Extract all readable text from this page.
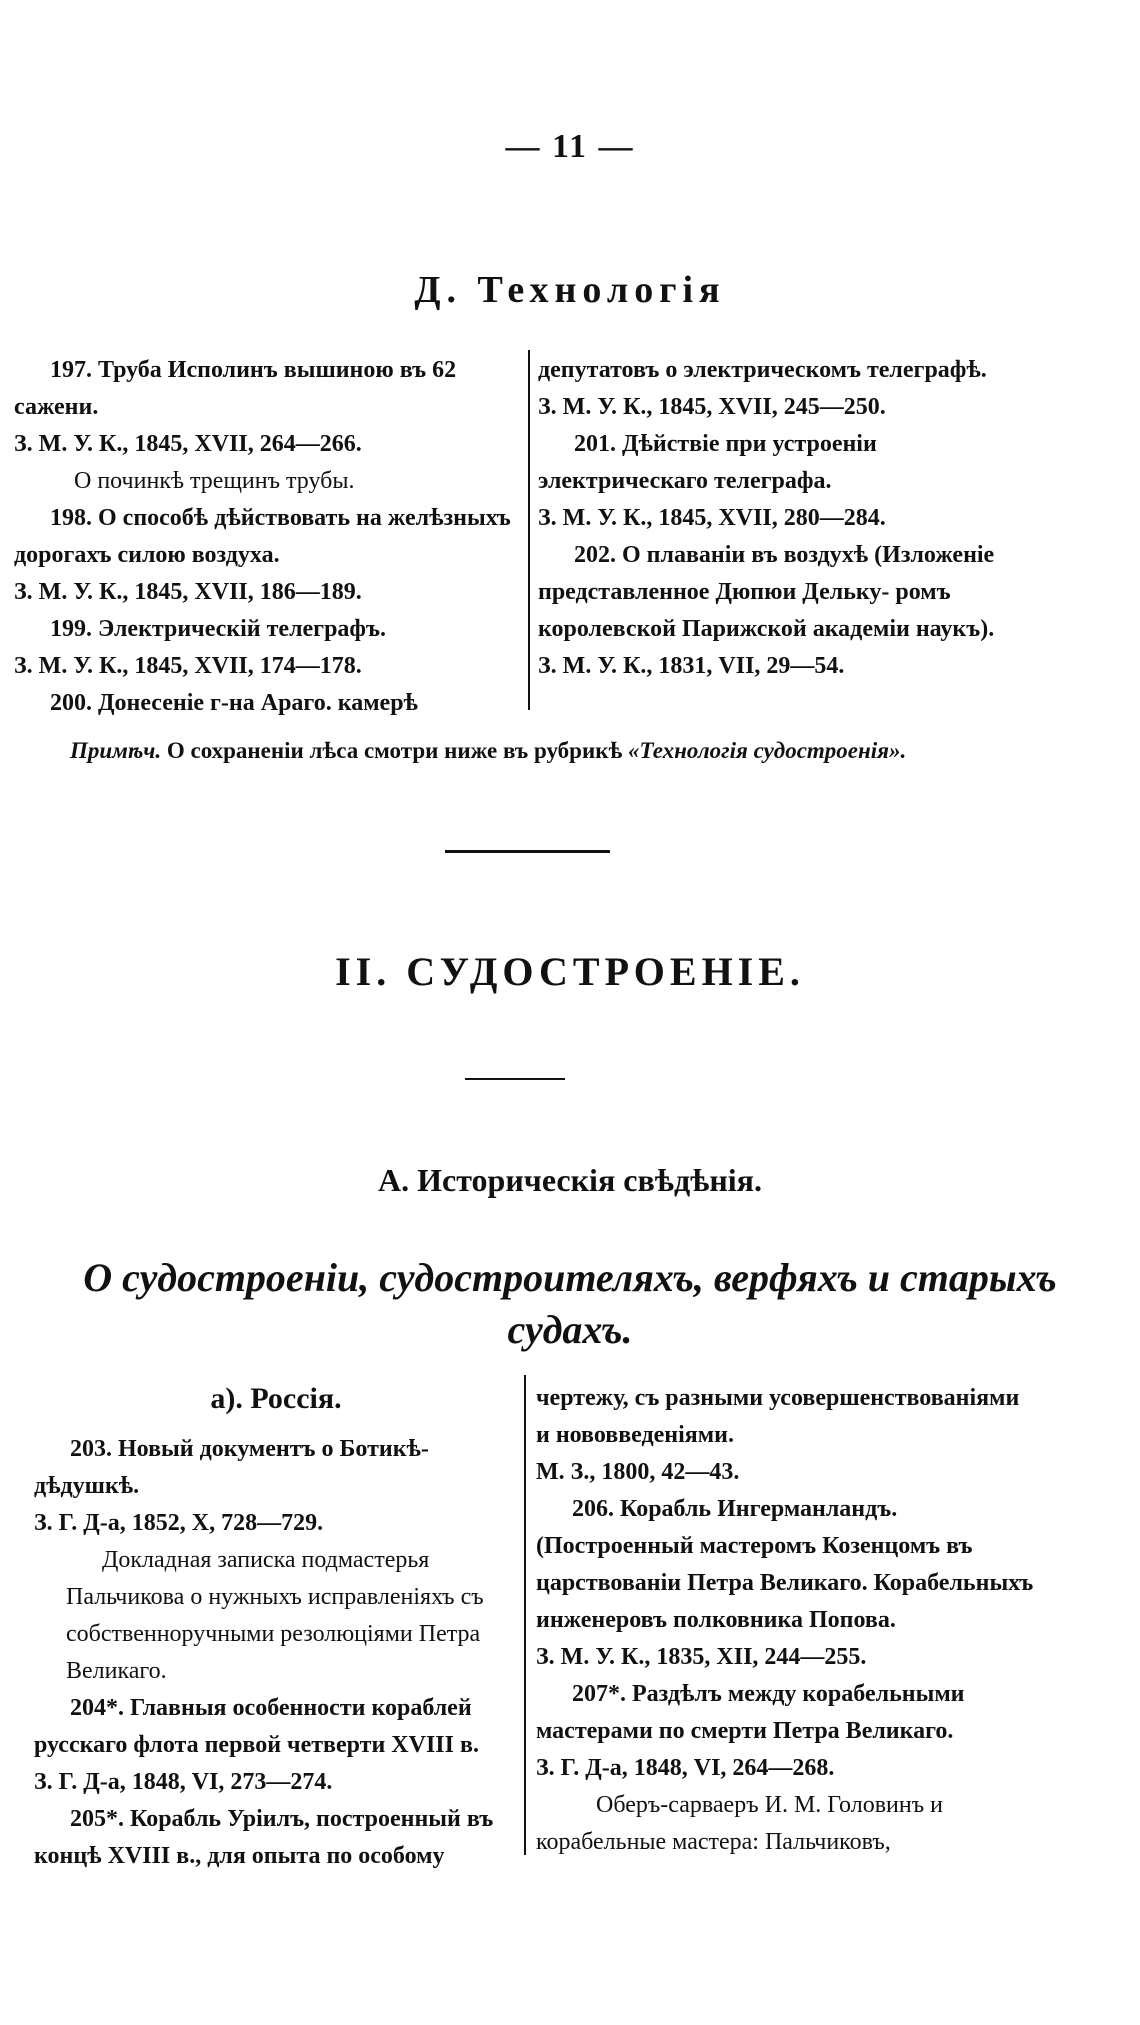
— 11 —
Д. Технологія

197. Труба Исполинъ вышиною въ 62 сажени.

З. М. У. К., 1845, XVII, 264—266.

О починкѣ трещинъ трубы.

198. О способѣ дѣйствовать на желѣзныхъ дорогахъ силою воздуха.

З. М. У. К., 1845, XVII, 186—189.

199. Электрическій телеграфъ.

З. М. У. К., 1845, XVII, 174—178.

200. Донесеніе г-на Араго. камерѣ

депутатовъ о электрическомъ телеграфѣ.

З. М. У. К., 1845, XVII, 245—250.

201. Дѣйствіе при устроеніи электрическаго телеграфа.

З. М. У. К., 1845, XVII, 280—284.

202. О плаваніи въ воздухѣ (Изложеніе представленное Дюпюи Дельку- ромъ королевской Парижской академіи наукъ).

З. М. У. К., 1831, VII, 29—54.

Примѣч. О сохраненіи лѣса смотри ниже въ рубрикѣ «Технологія судостроенія».
II. СУДОСТРОЕНІЕ.
А. Историческія свѣдѣнія.
О судостроеніи, судостроителяхъ, верфяхъ и старыхъ судахъ.

а). Россія.

203. Новый документъ о Ботикѣ-дѣдушкѣ.

З. Г. Д-а, 1852, X, 728—729.

Докладная записка подмастерья Пальчикова о нужныхъ исправленіяхъ съ собственноручными резолюціями Петра Великаго.

204*. Главныя особенности кораблей русскаго флота первой четверти XVIII в.

З. Г. Д-а, 1848, VI, 273—274.

205*. Корабль Уріилъ, построенный въ концѣ XVIII в., для опыта по особому

чертежу, съ разными усовершенствованіями и нововведеніями.

М. З., 1800, 42—43.

206. Корабль Ингерманландъ. (Построенный мастеромъ Козенцомъ въ царствованіи Петра Великаго. Корабельныхъ инженеровъ полковника Попова.

З. М. У. К., 1835, XII, 244—255.

207*. Раздѣлъ между корабельными мастерами по смерти Петра Великаго.

З. Г. Д-а, 1848, VI, 264—268.

Оберъ-сарваеръ И. М. Головинъ и корабельные мастера: Пальчиковъ,
